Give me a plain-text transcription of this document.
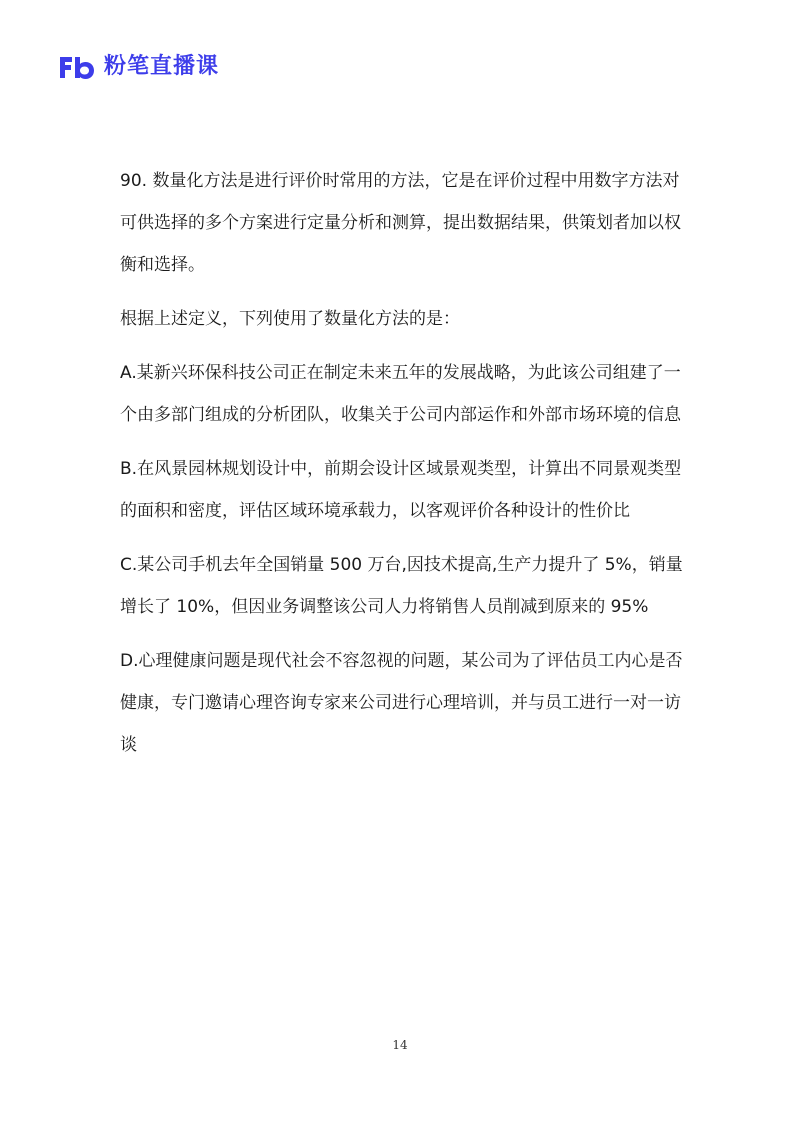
粉笔直播课

90. 数量化方法是进行评价时常用的方法，它是在评价过程中用数字方法对可供选择的多个方案进行定量分析和测算，提出数据结果，供策划者加以权衡和选择。

根据上述定义，下列使用了数量化方法的是：

A.某新兴环保科技公司正在制定未来五年的发展战略，为此该公司组建了一个由多部门组成的分析团队，收集关于公司内部运作和外部市场环境的信息

B.在风景园林规划设计中，前期会设计区域景观类型，计算出不同景观类型的面积和密度，评估区域环境承载力，以客观评价各种设计的性价比

C.某公司手机去年全国销量 500 万台,因技术提高,生产力提升了 5%，销量增长了 10%，但因业务调整该公司人力将销售人员削减到原来的 95%

D.心理健康问题是现代社会不容忽视的问题，某公司为了评估员工内心是否健康，专门邀请心理咨询专家来公司进行心理培训，并与员工进行一对一访谈

14
